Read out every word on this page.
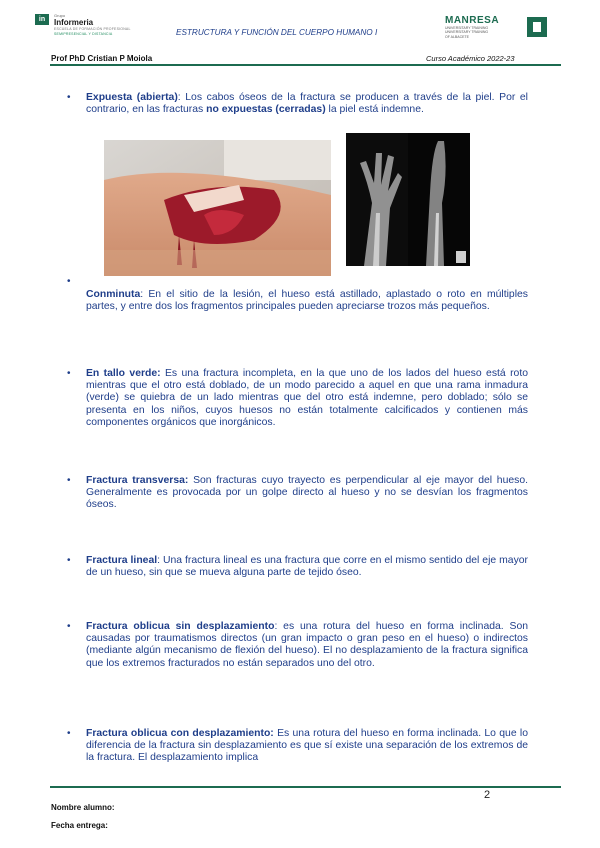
in
Grupo
Informeria
ESCUELA DE FORMACIÓN PROFESIONAL
SEMIPRESENCIAL Y DISTANCIA	ESTRUCTURA Y FUNCIÓN DEL CUERPO HUMANO I
MANRESA
UNIVERSITARY TRAINING
UNIVERSITARY TRAINING
OF ALBACETE
Prof PhD Cristian P Moiola	Curso Académico 2022-23
• Expuesta (abierta): Los cabos óseos de la fractura se producen a través de la piel. Por el contrario, en las fracturas no expuestas (cerradas) la piel está indemne.
•
Conminuta: En el sitio de la lesión, el hueso está astillado, aplastado o roto en múltiples partes, y entre dos los fragmentos principales pueden apreciarse trozos más pequeños.
• En tallo verde: Es una fractura incompleta, en la que uno de los lados del hueso está roto mientras que el otro está doblado, de un modo parecido a aquel en que una rama inmadura (verde) se quiebra de un lado mientras que del otro está indemne, pero doblado; sólo se presenta en los niños, cuyos huesos no están totalmente calcificados y contienen más componentes orgánicos que inorgánicos.
• Fractura transversa: Son fracturas cuyo trayecto es perpendicular al eje mayor del hueso. Generalmente es provocada por un golpe directo al hueso y no se desvían los fragmentos óseos.
• Fractura lineal: Una fractura lineal es una fractura que corre en el mismo sentido del eje mayor de un hueso, sin que se mueva alguna parte de tejido óseo.
• Fractura oblicua sin desplazamiento: es una rotura del hueso en forma inclinada. Son causadas por traumatismos directos (un gran impacto o gran peso en el hueso) o indirectos (mediante algún mecanismo de flexión del hueso). El no desplazamiento de la fractura significa que los extremos fracturados no están separados uno del otro.
• Fractura oblicua con desplazamiento: Es una rotura del hueso en forma inclinada. Lo que lo diferencia de la fractura sin desplazamiento es que sí existe una separación de los extremos de la fractura. El desplazamiento implica
2
Nombre alumno:
Fecha entrega:
